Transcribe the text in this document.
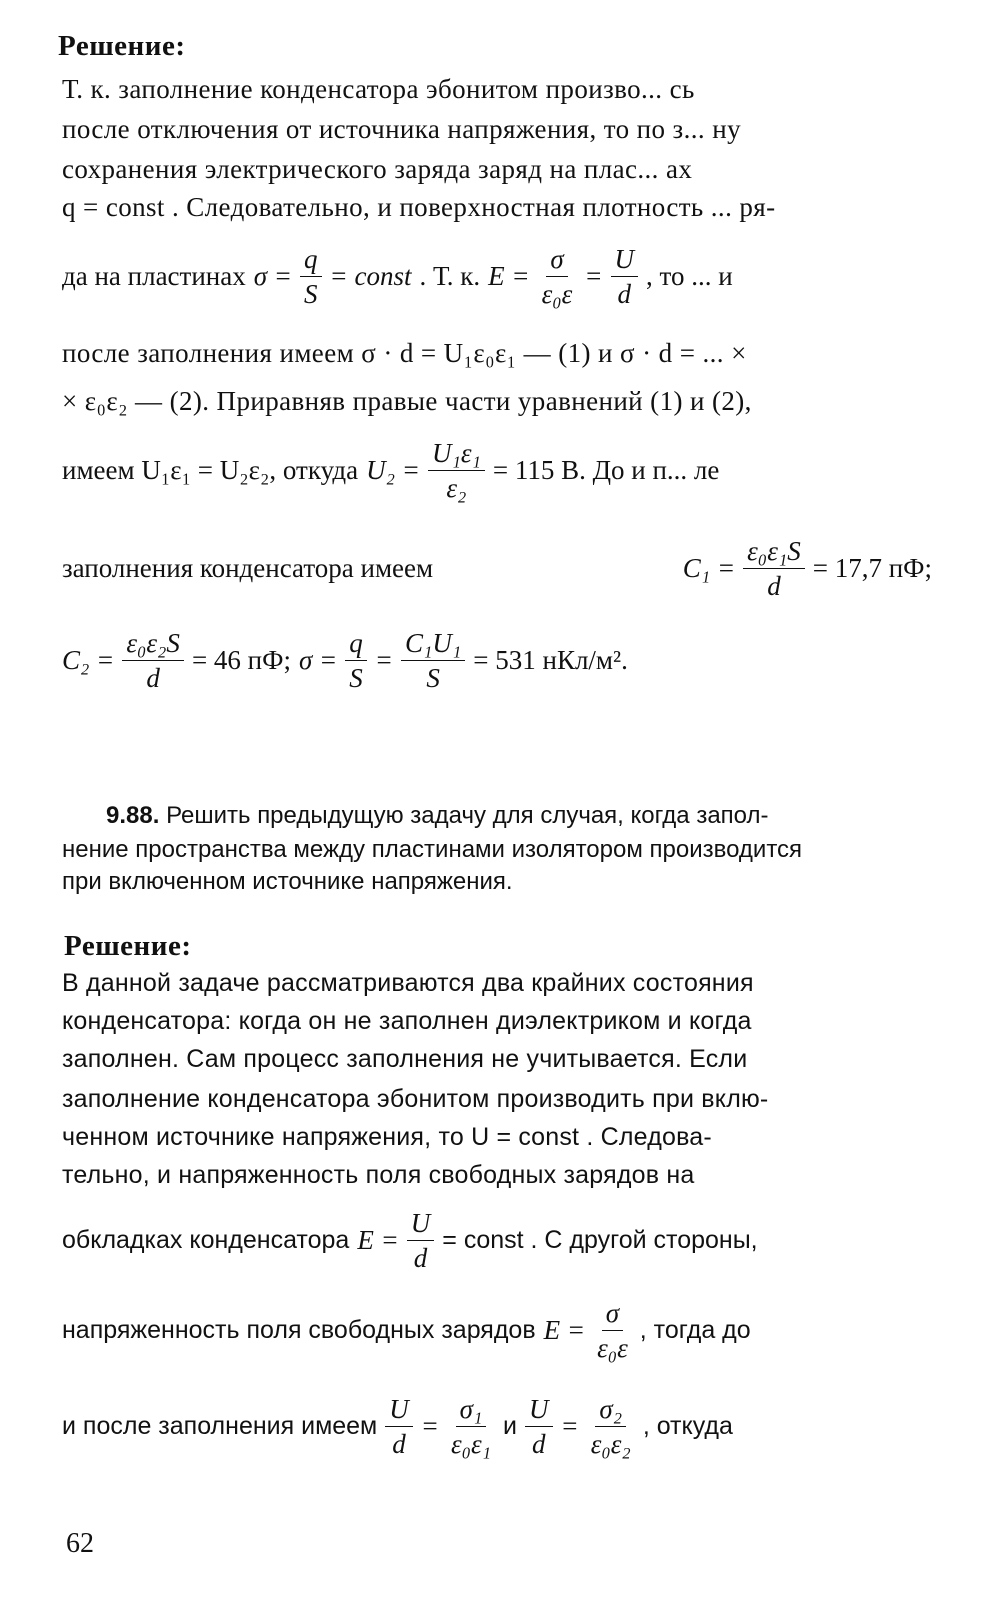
Решение:
Т. к. заполнение конденсатора эбонитом произво... сь
после отключения от источника напряжения, то по з... ну
сохранения электрического заряда заряд на плас... ах
q = const . Следовательно, и поверхностная плотность ... ря-
да на пластинах $\sigma = \frac{q}{S}$ = const . Т. к. $E = \frac{\sigma}{\text{ε₀ε}} = \frac{U}{d}$ , то ... и
после заполнения имеем σ · d = U₁ε₀ε₁ — (1) и σ · d = ... ×
× ε₀ε₂ — (2). Приравняв правые части уравнений (1) и (2),
имеем U₁ε₁ = U₂ε₂, откуда $U_2 = \frac{\text{U₁ε₁}}{\text{ε₂}} = 115$ В. До и п... ле
заполнения конденсатора имеем	$C_1 = \frac{\text{ε₀ε₁S}}{d} = 17,7$ пФ;
$C_2 = \frac{\text{ε₀ε₂S}}{d} = 46$ пФ; $\sigma = \frac{q}{S} = \frac{\text{C₁U₁}}{S} = 531$ нКл/м².
9.88. Решить предыдущую задачу для случая, когда запол-
нение пространства между пластинами изолятором производится
при включенном источнике напряжения.
Решение:
В данной задаче рассматриваются два крайних состояния
конденсатора: когда он не заполнен диэлектриком и когда
заполнен. Сам процесс заполнения не учитывается. Если
заполнение конденсатора эбонитом производить при вклю-
ченном источнике напряжения, то U = const . Следова-
тельно, и напряженность поля свободных зарядов на
обкладках конденсатора $E = \frac{U}{d}$ = const . С другой стороны,
напряженность поля свободных зарядов $E = \frac{\sigma}{\text{ε₀ε}}$ , тогда до
и после заполнения имеем $\frac{U}{d} = \frac{\text{σ₁}}{\text{ε₀ε₁}}$ и $\frac{U}{d} = \frac{\text{σ₂}}{\text{ε₀ε₂}}$ , откуда
62
